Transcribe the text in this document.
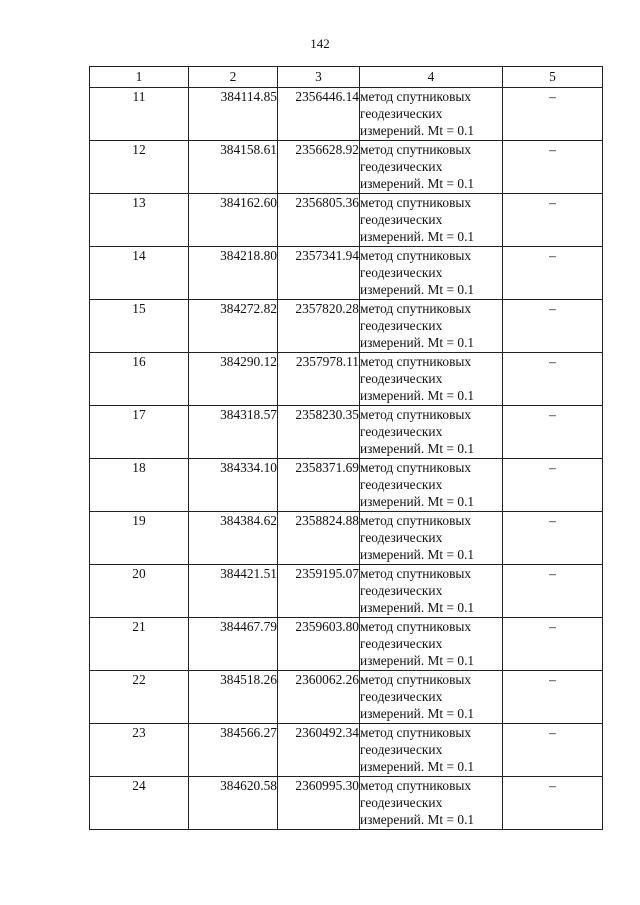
142
1	2	3	4	5
11	384114.85	2356446.14	метод спутниковых
геодезических
измерений. Mt = 0.1	–
12	384158.61	2356628.92	метод спутниковых
геодезических
измерений. Mt = 0.1	–
13	384162.60	2356805.36	метод спутниковых
геодезических
измерений. Mt = 0.1	–
14	384218.80	2357341.94	метод спутниковых
геодезических
измерений. Mt = 0.1	–
15	384272.82	2357820.28	метод спутниковых
геодезических
измерений. Mt = 0.1	–
16	384290.12	2357978.11	метод спутниковых
геодезических
измерений. Mt = 0.1	–
17	384318.57	2358230.35	метод спутниковых
геодезических
измерений. Mt = 0.1	–
18	384334.10	2358371.69	метод спутниковых
геодезических
измерений. Mt = 0.1	–
19	384384.62	2358824.88	метод спутниковых
геодезических
измерений. Mt = 0.1	–
20	384421.51	2359195.07	метод спутниковых
геодезических
измерений. Mt = 0.1	–
21	384467.79	2359603.80	метод спутниковых
геодезических
измерений. Mt = 0.1	–
22	384518.26	2360062.26	метод спутниковых
геодезических
измерений. Mt = 0.1	–
23	384566.27	2360492.34	метод спутниковых
геодезических
измерений. Mt = 0.1	–
24	384620.58	2360995.30	метод спутниковых
геодезических
измерений. Mt = 0.1	–
